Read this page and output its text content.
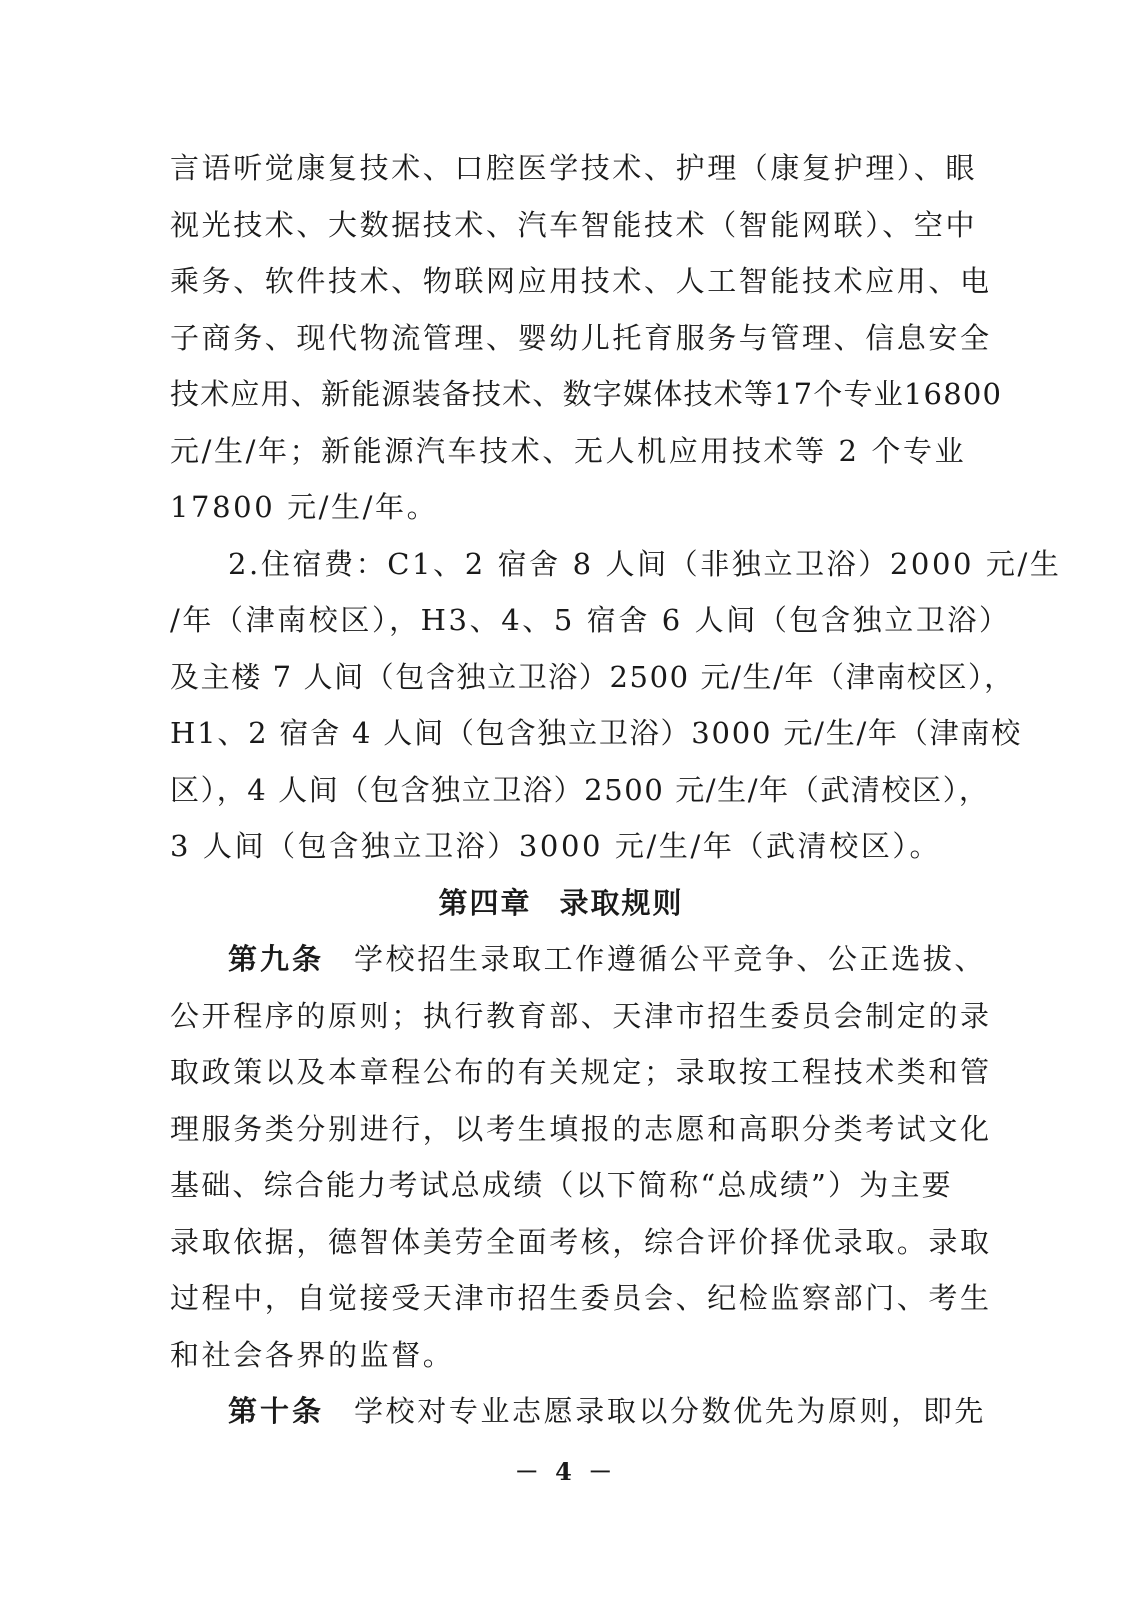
言语听觉康复技术、口腔医学技术、护理（康复护理）、眼
视光技术、大数据技术、汽车智能技术（智能网联）、空中
乘务、软件技术、物联网应用技术、人工智能技术应用、电
子商务、现代物流管理、婴幼儿托育服务与管理、信息安全
技术应用、新能源装备技术、数字媒体技术等17个专业16800
元/生/年；新能源汽车技术、无人机应用技术等 2 个专业
17800 元/生/年。
2.住宿费：C1、2 宿舍 8 人间（非独立卫浴）2000 元/生
/年（津南校区），H3、4、5 宿舍 6 人间（包含独立卫浴）
及主楼 7 人间（包含独立卫浴）2500 元/生/年（津南校区），
H1、2 宿舍 4 人间（包含独立卫浴）3000 元/生/年（津南校
区），4 人间（包含独立卫浴）2500 元/生/年（武清校区），
3 人间（包含独立卫浴）3000 元/生/年（武清校区）。
第四章 录取规则
第九条 学校招生录取工作遵循公平竞争、公正选拔、
公开程序的原则；执行教育部、天津市招生委员会制定的录
取政策以及本章程公布的有关规定；录取按工程技术类和管
理服务类分别进行，以考生填报的志愿和高职分类考试文化
基础、综合能力考试总成绩（以下简称“总成绩”）为主要
录取依据，德智体美劳全面考核，综合评价择优录取。录取
过程中，自觉接受天津市招生委员会、纪检监察部门、考生
和社会各界的监督。
第十条 学校对专业志愿录取以分数优先为原则，即先
－ 4 －
